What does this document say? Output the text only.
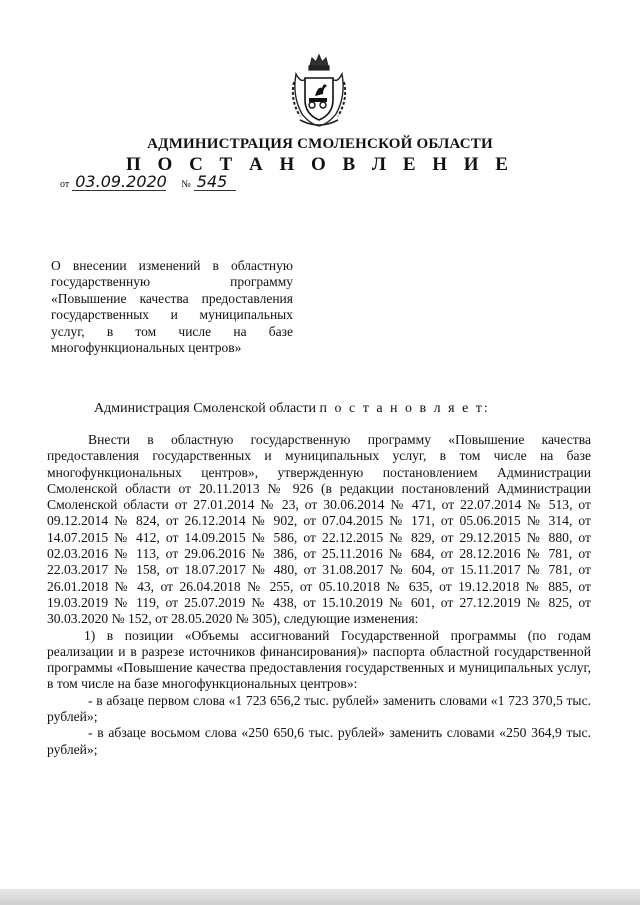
АДМИНИСТРАЦИЯ СМОЛЕНСКОЙ ОБЛАСТИ
П О С Т А Н О В Л Е Н И Е
от 03.09.2020 № 545

О внесении изменений в областную государственную программу «Повышение качества предоставления государственных и муниципальных услуг, в том числе на базе многофункциональных центров»

Администрация Смоленской области п о с т а н о в л я е т:

Внести в областную государственную программу «Повышение качества предоставления государственных и муниципальных услуг, в том числе на базе многофункциональных центров», утвержденную постановлением Администрации Смоленской области от 20.11.2013 № 926 (в редакции постановлений Администрации Смоленской области от 27.01.2014 № 23, от 30.06.2014 № 471, от 22.07.2014 № 513, от 09.12.2014 № 824, от 26.12.2014 № 902, от 07.04.2015 № 171, от 05.06.2015 № 314, от 14.07.2015 № 412, от 14.09.2015 № 586, от 22.12.2015 № 829, от 29.12.2015 № 880, от 02.03.2016 № 113, от 29.06.2016 № 386, от 25.11.2016 № 684, от 28.12.2016 № 781, от 22.03.2017 № 158, от 18.07.2017 № 480, от 31.08.2017 № 604, от 15.11.2017 № 781, от 26.01.2018 № 43, от 26.04.2018 № 255, от 05.10.2018 № 635, от 19.12.2018 № 885, от 19.03.2019 № 119, от 25.07.2019 № 438, от 15.10.2019 № 601, от 27.12.2019 № 825, от 30.03.2020 № 152, от 28.05.2020 № 305), следующие изменения:

1) в позиции «Объемы ассигнований Государственной программы (по годам реализации и в разрезе источников финансирования)» паспорта областной государственной программы «Повышение качества предоставления государственных и муниципальных услуг, в том числе на базе многофункциональных центров»:

- в абзаце первом слова «1 723 656,2 тыс. рублей» заменить словами «1 723 370,5 тыс. рублей»;

- в абзаце восьмом слова «250 650,6 тыс. рублей» заменить словами «250 364,9 тыс. рублей»;
